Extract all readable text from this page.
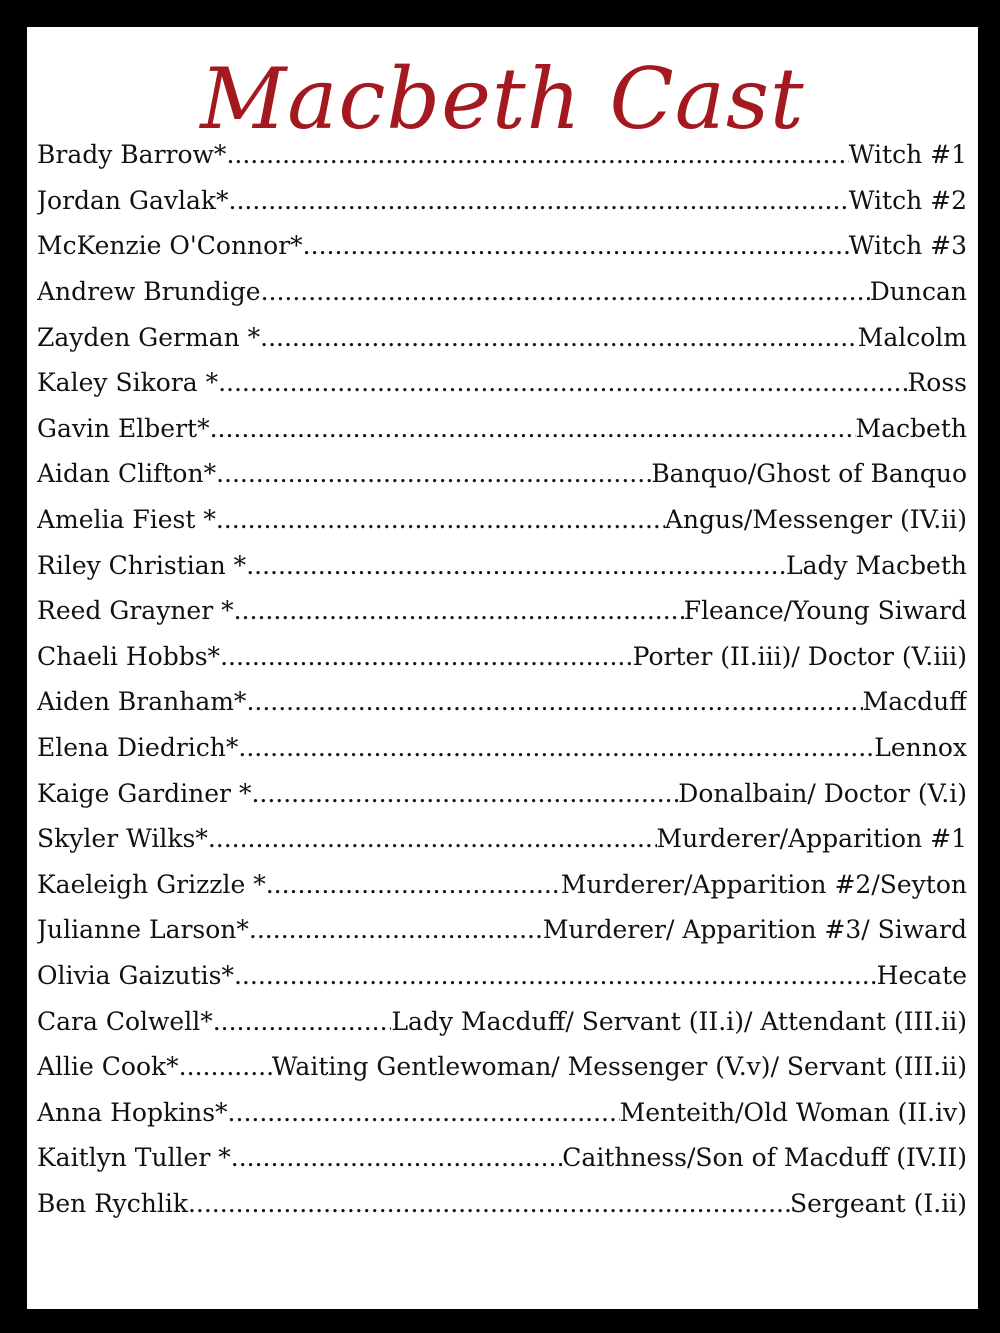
Macbeth Cast
Brady Barrow* .....	Witch #1
Jordan Gavlak* .....	Witch #2
McKenzie O'Connor* .....	Witch #3
Andrew Brundige .....	Duncan
Zayden German * .....	Malcolm
Kaley Sikora * .....	Ross
Gavin Elbert* .....	Macbeth
Aidan Clifton* .....	Banquo/Ghost of Banquo
Amelia Fiest * .....	Angus/Messenger (IV.ii)
Riley Christian * .....	Lady Macbeth
Reed Grayner * .....	Fleance/Young Siward
Chaeli Hobbs* .....	Porter (II.iii)/ Doctor (V.iii)
Aiden Branham* .....	Macduff
Elena Diedrich* .....	Lennox
Kaige Gardiner * .....	Donalbain/ Doctor (V.i)
Skyler Wilks* .....	Murderer/Apparition #1
Kaeleigh Grizzle * .....	Murderer/Apparition #2/Seyton
Julianne Larson* .....	Murderer/ Apparition #3/ Siward
Olivia Gaizutis* .....	Hecate
Cara Colwell* .....	Lady Macduff/ Servant (II.i)/ Attendant (III.ii)
Allie Cook* .....	Waiting Gentlewoman/ Messenger (V.v)/ Servant (III.ii)
Anna Hopkins* .....	Menteith/Old Woman (II.iv)
Kaitlyn Tuller * .....	Caithness/Son of Macduff (IV.II)
Ben Rychlik .....	Sergeant (I.ii)
